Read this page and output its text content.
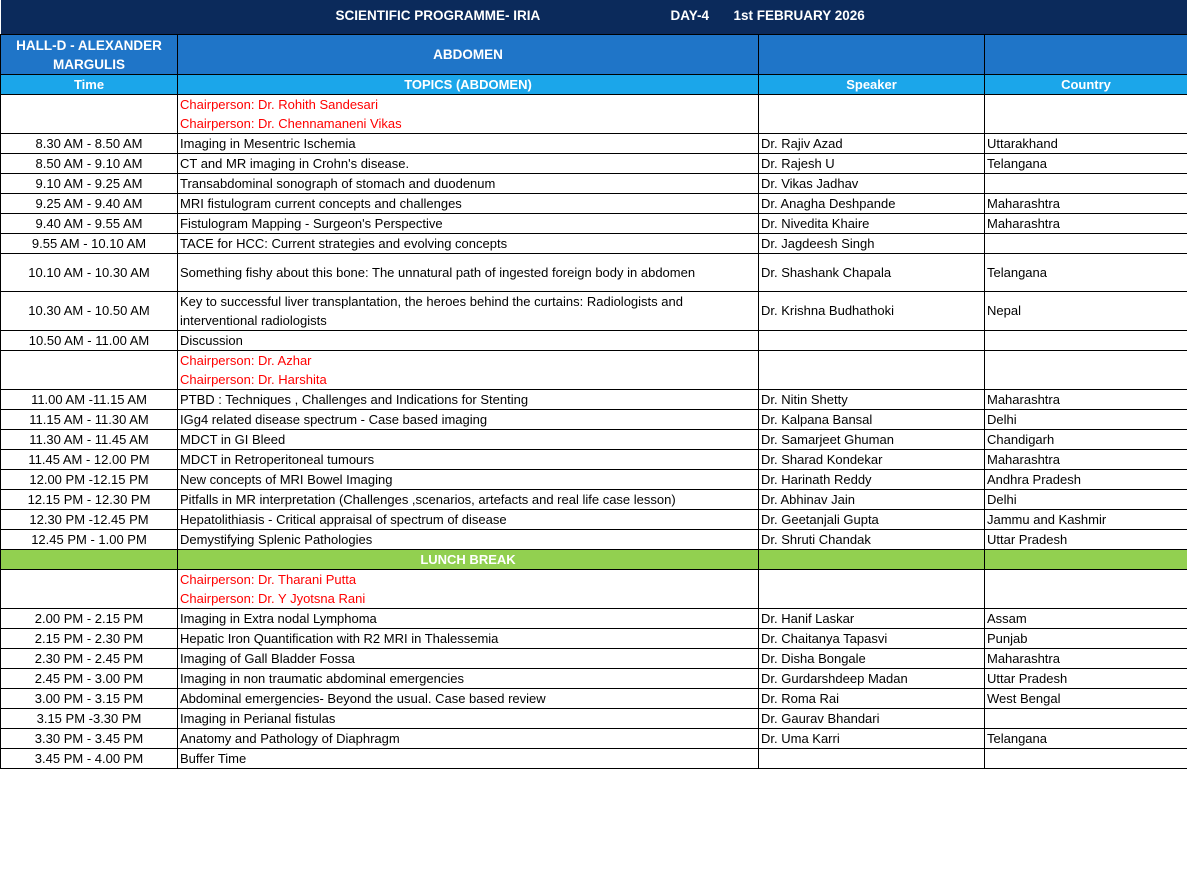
SCIENTIFIC PROGRAMME- IRIA DAY-4 1st FEBRUARY 2026			

HALL-D - ALEXANDER MARGULIS	ABDOMEN		
Time	TOPICS (ABDOMEN)	Speaker	Country

	Chairperson: Dr. Rohith Sandesari
Chairperson: Dr. Chennamaneni Vikas		

8.30 AM - 8.50 AM	Imaging in Mesentric Ischemia	Dr. Rajiv Azad	Uttarakhand
8.50 AM - 9.10 AM	CT and MR imaging in Crohn's disease.	Dr. Rajesh U	Telangana
9.10 AM - 9.25 AM	Transabdominal sonograph of stomach and duodenum	Dr. Vikas Jadhav	
9.25 AM - 9.40 AM	MRI fistulogram current concepts and challenges	Dr. Anagha Deshpande	Maharashtra
9.40 AM - 9.55 AM	Fistulogram Mapping - Surgeon's Perspective	Dr. Nivedita Khaire	Maharashtra
9.55 AM - 10.10 AM	TACE for HCC: Current strategies and evolving concepts	Dr. Jagdeesh Singh	
10.10 AM - 10.30 AM	Something fishy about this bone: The unnatural path of ingested foreign body in abdomen	Dr. Shashank Chapala	Telangana
10.30 AM - 10.50 AM	Key to successful liver transplantation, the heroes behind the curtains: Radiologists and interventional radiologists	Dr. Krishna Budhathoki	Nepal
10.50 AM - 11.00 AM	Discussion		

	Chairperson: Dr. Azhar
Chairperson: Dr. Harshita		

11.00 AM -11.15 AM	PTBD : Techniques , Challenges and Indications for Stenting	Dr. Nitin Shetty	Maharashtra
11.15 AM - 11.30 AM	IGg4 related disease spectrum - Case based imaging	Dr. Kalpana Bansal	Delhi
11.30 AM - 11.45 AM	MDCT in GI Bleed	Dr. Samarjeet Ghuman	Chandigarh
11.45 AM - 12.00 PM	MDCT in Retroperitoneal tumours	Dr. Sharad Kondekar	Maharashtra
12.00 PM -12.15 PM	New concepts of MRI Bowel Imaging	Dr. Harinath Reddy	Andhra Pradesh
12.15 PM - 12.30 PM	Pitfalls in MR interpretation (Challenges ,scenarios, artefacts and real life case lesson)	Dr. Abhinav Jain	Delhi
12.30 PM -12.45 PM	Hepatolithiasis - Critical appraisal of spectrum of disease	Dr. Geetanjali Gupta	Jammu and Kashmir
12.45 PM - 1.00 PM	Demystifying Splenic Pathologies	Dr. Shruti Chandak	Uttar Pradesh
	LUNCH BREAK		

	Chairperson: Dr. Tharani Putta
Chairperson: Dr. Y Jyotsna Rani		

2.00 PM - 2.15 PM	Imaging in Extra nodal Lymphoma	Dr. Hanif Laskar	Assam
2.15 PM - 2.30 PM	Hepatic Iron Quantification with R2 MRI in Thalessemia	Dr. Chaitanya Tapasvi	Punjab
2.30 PM - 2.45 PM	Imaging of Gall Bladder Fossa	Dr. Disha Bongale	Maharashtra
2.45 PM - 3.00 PM	Imaging in non traumatic abdominal emergencies	Dr. Gurdarshdeep Madan	Uttar Pradesh
3.00 PM - 3.15 PM	Abdominal emergencies- Beyond the usual. Case based review	Dr. Roma Rai	West Bengal
3.15 PM -3.30 PM	Imaging in Perianal fistulas	Dr. Gaurav Bhandari	
3.30 PM - 3.45 PM	Anatomy and Pathology of Diaphragm	Dr. Uma Karri	Telangana
3.45 PM - 4.00 PM	Buffer Time		
